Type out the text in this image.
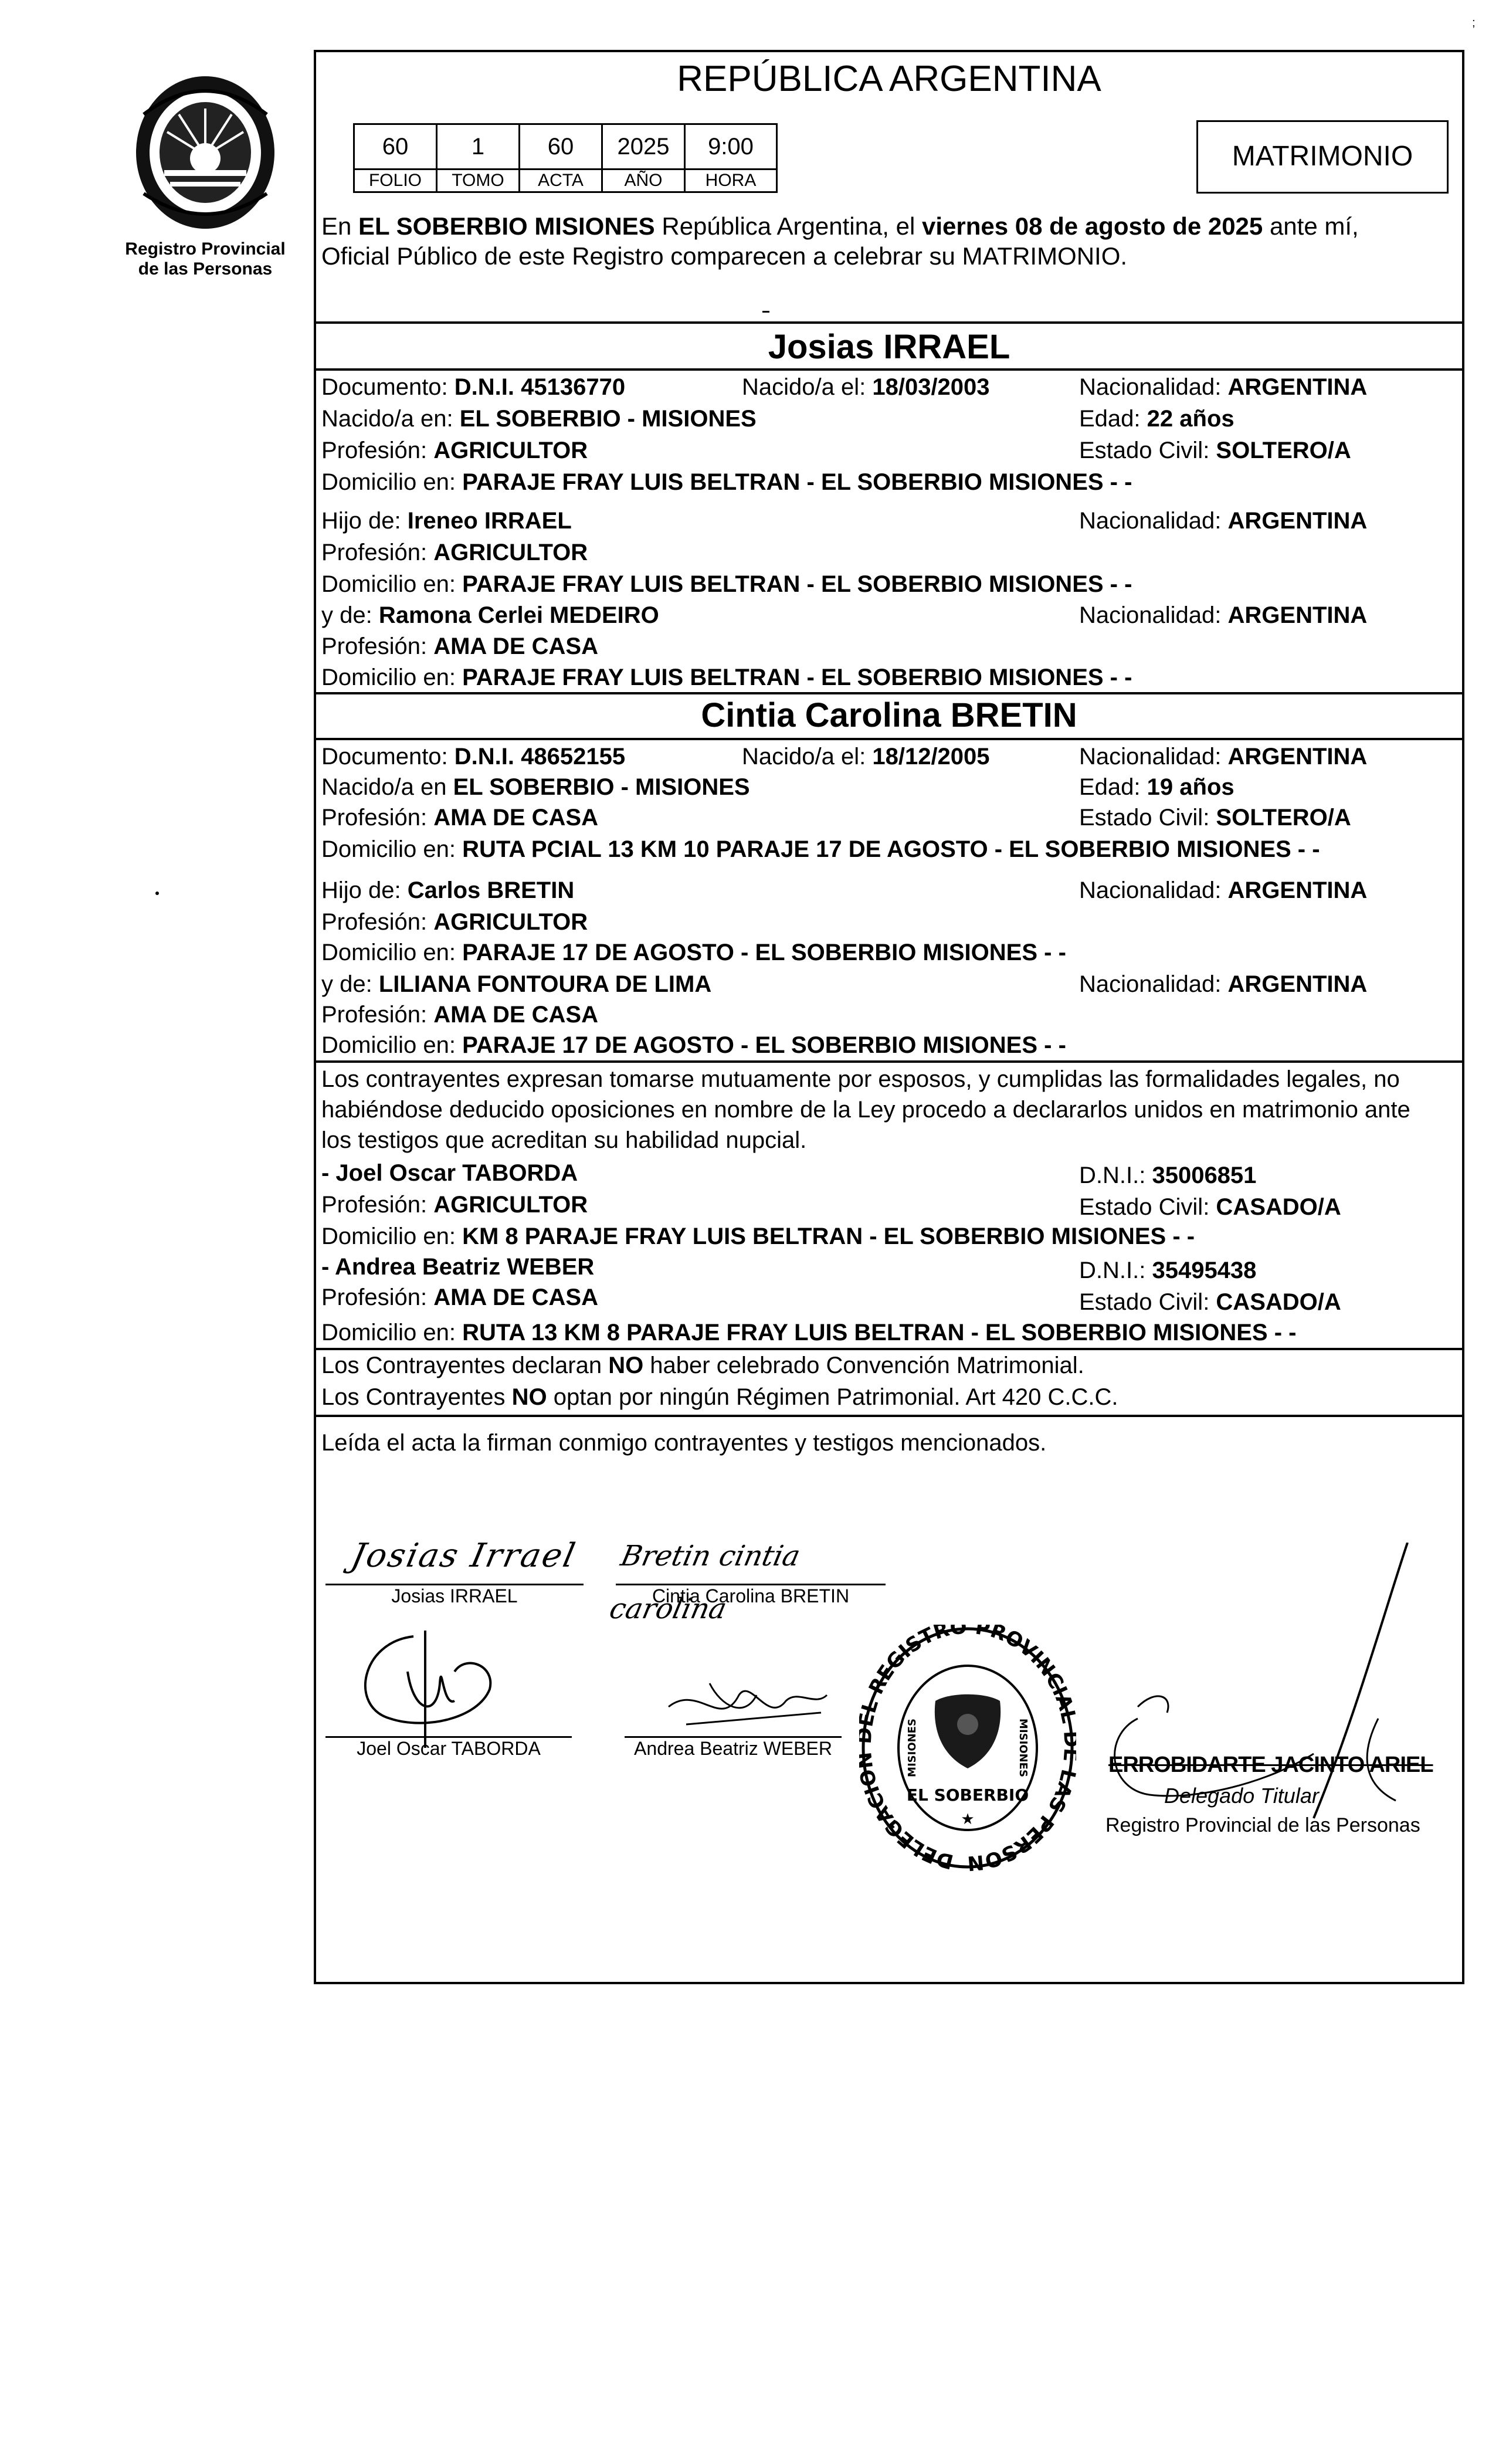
Registro Provincial
de las Personas
;
REPÚBLICA ARGENTINA
60	1	60	2025	9:00
FOLIO	TOMO	ACTA	AÑO	HORA
MATRIMONIO
En EL SOBERBIO MISIONES República Argentina, el viernes 08 de agosto de 2025 ante mí,
Oficial Público de este Registro comparecen a celebrar su MATRIMONIO.
Josias IRRAEL
Documento: D.N.I. 45136770	Nacido/a el: 18/03/2003	Nacionalidad: ARGENTINA
Nacido/a en: EL SOBERBIO - MISIONES	Edad: 22 años
Profesión: AGRICULTOR	Estado Civil: SOLTERO/A
Domicilio en: PARAJE FRAY LUIS BELTRAN - EL SOBERBIO MISIONES - -
Hijo de: Ireneo IRRAEL	Nacionalidad: ARGENTINA
Profesión: AGRICULTOR
Domicilio en: PARAJE FRAY LUIS BELTRAN - EL SOBERBIO MISIONES - -
y de: Ramona Cerlei MEDEIRO	Nacionalidad: ARGENTINA
Profesión: AMA DE CASA
Domicilio en: PARAJE FRAY LUIS BELTRAN - EL SOBERBIO MISIONES - -
Cintia Carolina BRETIN
Documento: D.N.I. 48652155	Nacido/a el: 18/12/2005	Nacionalidad: ARGENTINA
Nacido/a en EL SOBERBIO - MISIONES	Edad: 19 años
Profesión: AMA DE CASA	Estado Civil: SOLTERO/A
Domicilio en: RUTA PCIAL 13 KM 10 PARAJE 17 DE AGOSTO - EL SOBERBIO MISIONES - -
Hijo de: Carlos BRETIN	Nacionalidad: ARGENTINA
Profesión: AGRICULTOR
Domicilio en: PARAJE 17 DE AGOSTO - EL SOBERBIO MISIONES - -
y de: LILIANA FONTOURA DE LIMA	Nacionalidad: ARGENTINA
Profesión: AMA DE CASA
Domicilio en: PARAJE 17 DE AGOSTO - EL SOBERBIO MISIONES - -
Los contrayentes expresan tomarse mutuamente por esposos, y cumplidas las formalidades legales, no
habiéndose deducido oposiciones en nombre de la Ley procedo a declararlos unidos en matrimonio ante
los testigos que acreditan su habilidad nupcial.
- Joel Oscar TABORDA	D.N.I.: 35006851
Profesión: AGRICULTOR	Estado Civil: CASADO/A
Domicilio en: KM 8 PARAJE FRAY LUIS BELTRAN - EL SOBERBIO MISIONES - -
- Andrea Beatriz WEBER	D.N.I.: 35495438
Profesión: AMA DE CASA	Estado Civil: CASADO/A
Domicilio en: RUTA 13 KM 8 PARAJE FRAY LUIS BELTRAN - EL SOBERBIO MISIONES - -
Los Contrayentes declaran NO haber celebrado Convención Matrimonial.
Los Contrayentes NO optan por ningún Régimen Patrimonial. Art 420 C.C.C.
Leída el acta la firman conmigo contrayentes y testigos mencionados.
Josias Irrael
Josias IRRAEL
Bretin cintia carolina
Cintia Carolina BRETIN
Joel Oscar TABORDA	Andrea Beatriz WEBER
DELEGACI L REGISTRO PROVINCIA AS PERSON
EL SOBERBIO
MISIONES	MISIONES
★
ERROBIDARTE JACINTO ARIEL
Delegado Titular
Registro Provincial de las Personas
